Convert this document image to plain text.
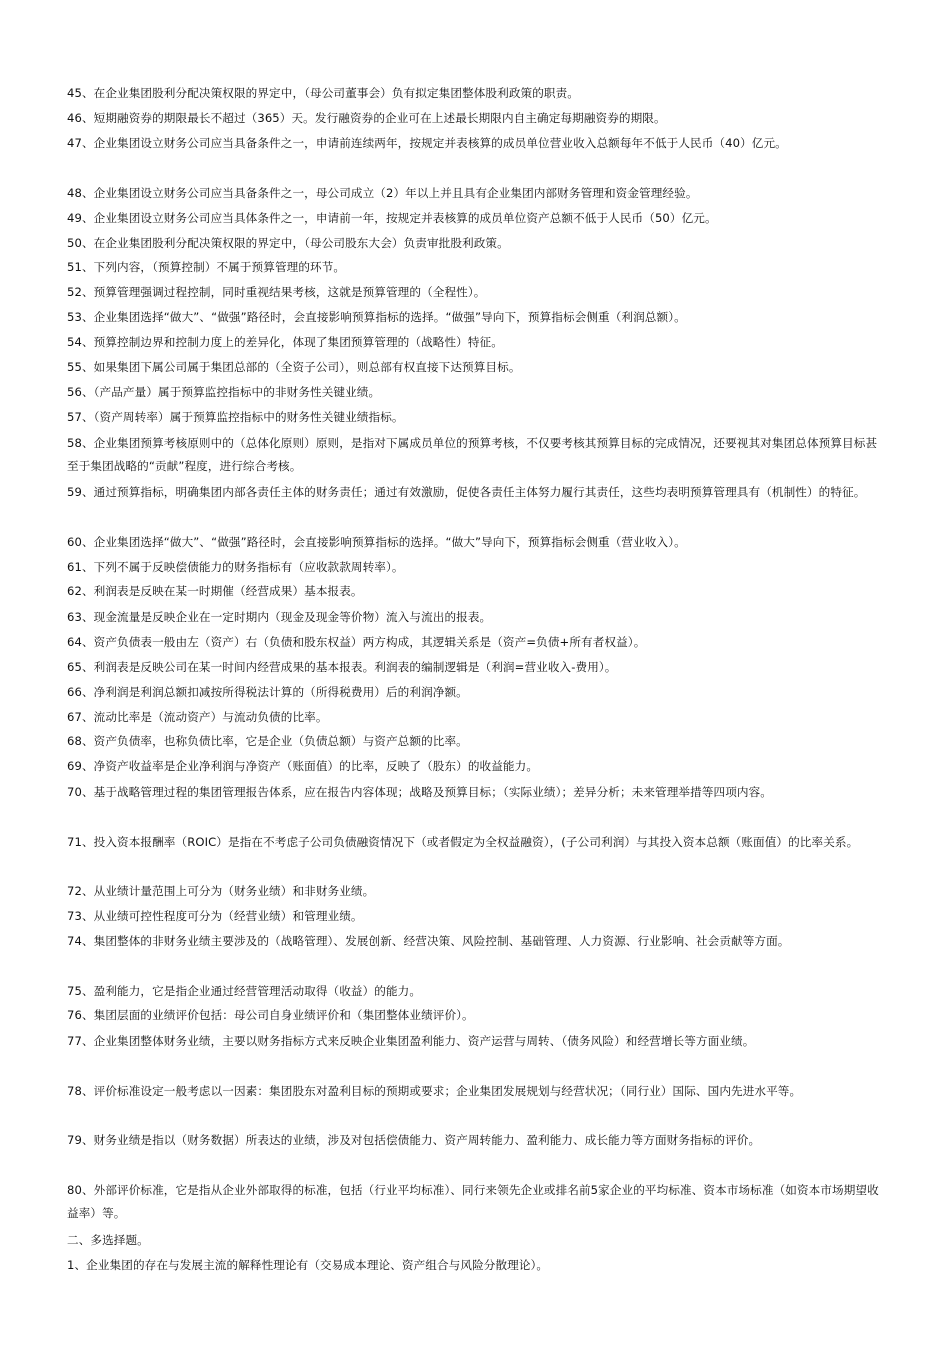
45、在企业集团股利分配决策权限的界定中，（母公司董事会）负有拟定集团整体股利政策的职责。

46、短期融资券的期限最长不超过（365）天。发行融资券的企业可在上述最长期限内自主确定每期融资券的期限。

47、企业集团设立财务公司应当具备条件之一，申请前连续两年，按规定并表核算的成员单位营业收入总额每年不低于人民币（40）亿元。

48、企业集团设立财务公司应当具备条件之一，母公司成立（2）年以上并且具有企业集团内部财务管理和资金管理经验。

49、企业集团设立财务公司应当具体条件之一，申请前一年，按规定并表核算的成员单位资产总额不低于人民币（50）亿元。

50、在企业集团股利分配决策权限的界定中，（母公司股东大会）负责审批股利政策。

51、下列内容，（预算控制）不属于预算管理的环节。

52、预算管理强调过程控制，同时重视结果考核，这就是预算管理的（全程性）。

53、企业集团选择“做大”、“做强”路径时，会直接影响预算指标的选择。“做强”导向下，预算指标会侧重（利润总额）。

54、预算控制边界和控制力度上的差异化，体现了集团预算管理的（战略性）特征。

55、如果集团下属公司属于集团总部的（全资子公司），则总部有权直接下达预算目标。

56、（产品产量）属于预算监控指标中的非财务性关键业绩。

57、（资产周转率）属于预算监控指标中的财务性关键业绩指标。

58、企业集团预算考核原则中的（总体化原则）原则，是指对下属成员单位的预算考核，不仅要考核其预算目标的完成情况，还要视其对集团总体预算目标甚至于集团战略的“贡献”程度，进行综合考核。

59、通过预算指标，明确集团内部各责任主体的财务责任；通过有效激励，促使各责任主体努力履行其责任，这些均表明预算管理具有（机制性）的特征。

60、企业集团选择“做大”、“做强”路径时，会直接影响预算指标的选择。“做大”导向下，预算指标会侧重（营业收入）。

61、下列不属于反映偿债能力的财务指标有（应收款款周转率）。

62、利润表是反映在某一时期催（经营成果）基本报表。

63、现金流量是反映企业在一定时期内（现金及现金等价物）流入与流出的报表。

64、资产负债表一般由左（资产）右（负债和股东权益）两方构成，其逻辑关系是（资产=负债+所有者权益）。

65、利润表是反映公司在某一时间内经营成果的基本报表。利润表的编制逻辑是（利润=营业收入-费用）。

66、净利润是利润总额扣减按所得税法计算的（所得税费用）后的利润净额。

67、流动比率是（流动资产）与流动负债的比率。

68、资产负债率，也称负债比率，它是企业（负债总额）与资产总额的比率。

69、净资产收益率是企业净利润与净资产（账面值）的比率，反映了（股东）的收益能力。

70、基于战略管理过程的集团管理报告体系，应在报告内容体现；战略及预算目标；（实际业绩）；差异分析；未来管理举措等四项内容。

71、投入资本报酬率（ROIC）是指在不考虑子公司负债融资情况下（或者假定为全权益融资），(子公司利润）与其投入资本总额（账面值）的比率关系。

72、从业绩计量范围上可分为（财务业绩）和非财务业绩。

73、从业绩可控性程度可分为（经营业绩）和管理业绩。

74、集团整体的非财务业绩主要涉及的（战略管理）、发展创新、经营决策、风险控制、基础管理、人力资源、行业影响、社会贡献等方面。

75、盈利能力，它是指企业通过经营管理活动取得（收益）的能力。

76、集团层面的业绩评价包括：母公司自身业绩评价和（集团整体业绩评价）。

77、企业集团整体财务业绩，主要以财务指标方式来反映企业集团盈利能力、资产运营与周转、（债务风险）和经营增长等方面业绩。

78、评价标准设定一般考虑以一因素：集团股东对盈利目标的预期或要求；企业集团发展规划与经营状况；（同行业）国际、国内先进水平等。

79、财务业绩是指以（财务数据）所表达的业绩，涉及对包括偿债能力、资产周转能力、盈利能力、成长能力等方面财务指标的评价。

80、外部评价标准，它是指从企业外部取得的标准，包括（行业平均标准）、同行来领先企业或排名前5家企业的平均标准、资本市场标准（如资本市场期望收益率）等。

二、多选择题。

1、企业集团的存在与发展主流的解释性理论有（交易成本理论、资产组合与风险分散理论）。
